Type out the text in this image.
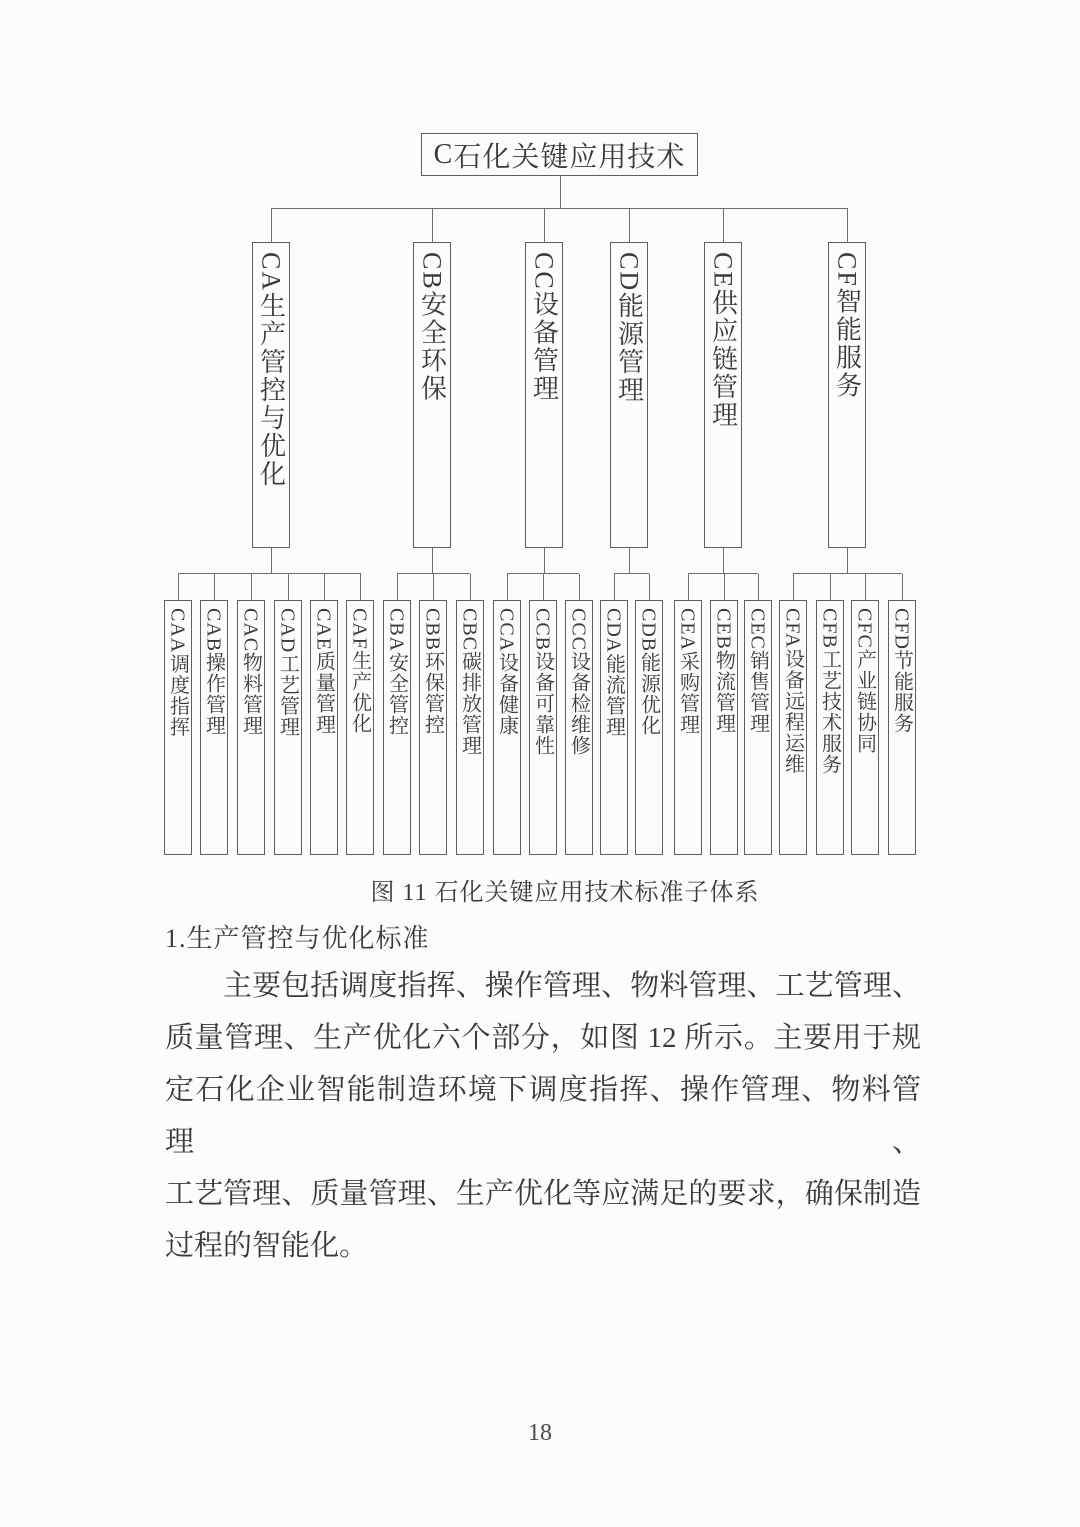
C 石化关键应用技术
CA生产管控与优化
CB安全环保
CC设备管理
CD能源管理
CE供应链管理
CF智能服务
CAA调度指挥
CAB操作管理
CAC物料管理
CAD工艺管理
CAE质量管理
CAF生产优化
CBA安全管控
CBB环保管控
CBC碳排放管理
CCA设备健康
CCB设备可靠性
CCC设备检维修
CDA能流管理
CDB能源优化
CEA采购管理
CEB物流管理
CEC销售管理
CFA设备远程运维
CFB工艺技术服务
CFC产业链协同
CFD节能服务
图 11 石化关键应用技术标准子体系
1.生产管控与优化标准
主要包括调度指挥、操作管理、物料管理、工艺管理、
质量管理、生产优化六个部分，如图 12 所示。主要用于规
定石化企业智能制造环境下调度指挥、操作管理、物料管理、
工艺管理、质量管理、生产优化等应满足的要求，确保制造
过程的智能化。
18
